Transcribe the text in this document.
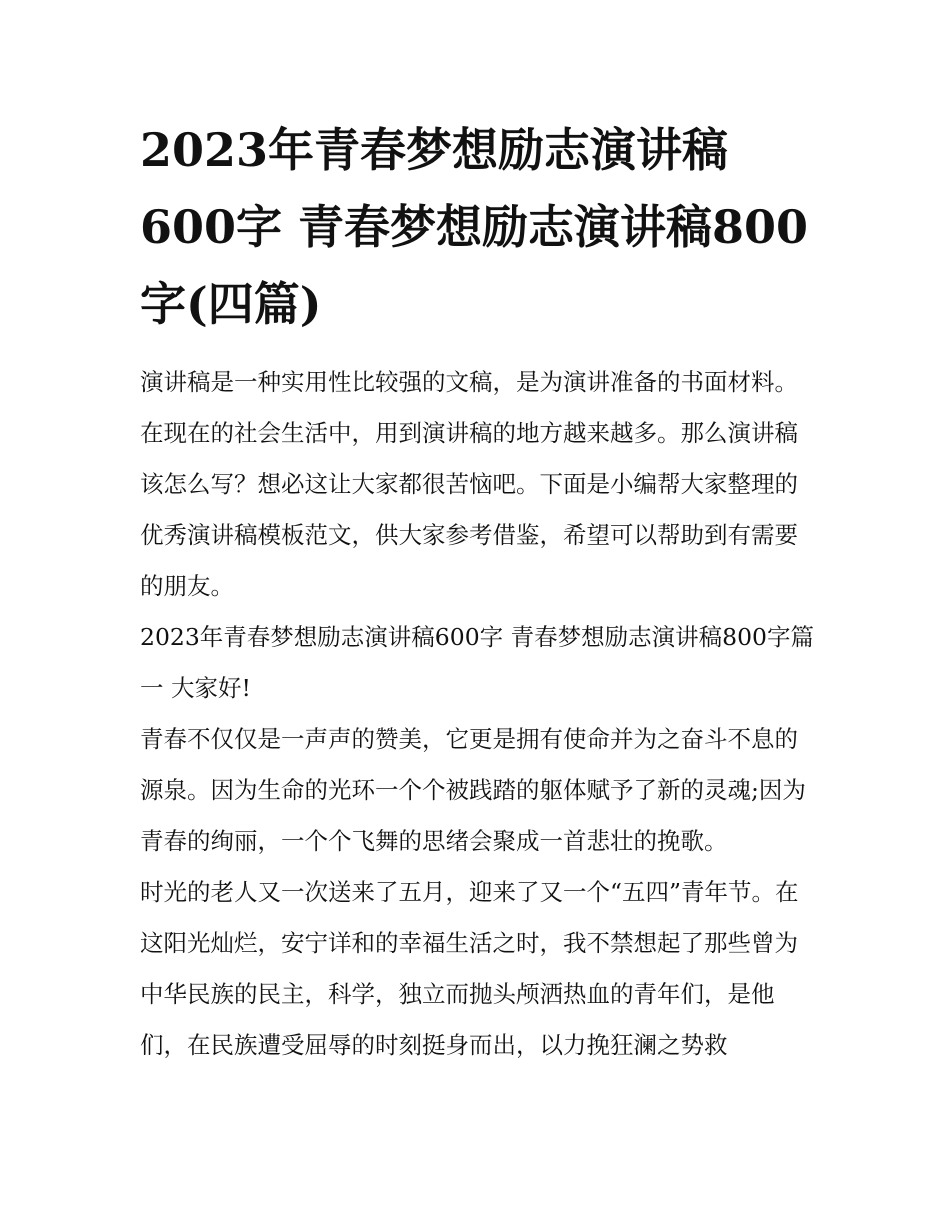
2023年青春梦想励志演讲稿600字 青春梦想励志演讲稿800字(四篇)

演讲稿是一种实用性比较强的文稿，是为演讲准备的书面材料。在现在的社会生活中，用到演讲稿的地方越来越多。那么演讲稿该怎么写？想必这让大家都很苦恼吧。下面是小编帮大家整理的优秀演讲稿模板范文，供大家参考借鉴，希望可以帮助到有需要的朋友。

2023年青春梦想励志演讲稿600字 青春梦想励志演讲稿800字篇一 大家好!

青春不仅仅是一声声的赞美，它更是拥有使命并为之奋斗不息的源泉。因为生命的光环一个个被践踏的躯体赋予了新的灵魂;因为青春的绚丽，一个个飞舞的思绪会聚成一首悲壮的挽歌。

时光的老人又一次送来了五月，迎来了又一个“五四”青年节。在这阳光灿烂，安宁详和的幸福生活之时，我不禁想起了那些曾为中华民族的民主，科学，独立而抛头颅洒热血的青年们，是他们，在民族遭受屈辱的时刻挺身而出，以力挽狂澜之势救
